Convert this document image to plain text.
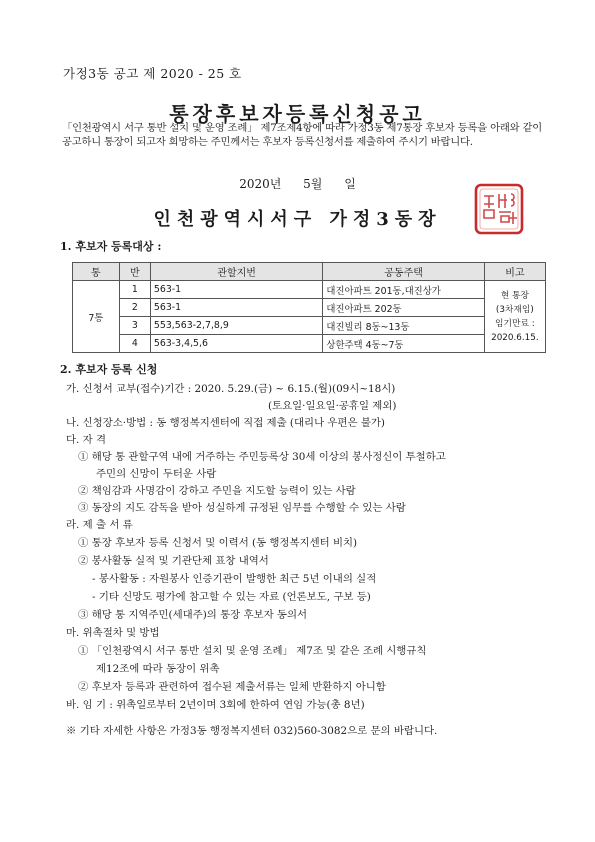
가정3동 공고 제 2020 - 25 호
통장후보자등록신청공고
「인천광역시 서구 통반 설치 및 운영 조례」 제7조제4항에 따라 가정3동 제7통장 후보자 등록을 아래와 같이 공고하니 통장이 되고자 희망하는 주민께서는 후보자 등록신청서를 제출하여 주시기 바랍니다.
2020년 5월 일
인천광역시서구 가정3동장
1. 후보자 등록대상 :
통	반	관할지번	공동주택	비고
7통	1	563-1	대진아파트 201동,대진상가	현 통장
(3차재임)
임기만료 :
2020.6.15.

	2	563-1	대진아파트 202동	
	3	553,563-2,7,8,9	대진빌리 8동~13동	
	4	563-3,4,5,6	상한주택 4동~7동	
2. 후보자 등록 신청
가. 신청서 교부(접수)기간 : 2020. 5.29.(금) ~ 6.15.(월)(09시~18시)
(토요일·일요일·공휴일 제외)
나. 신청장소·방법 : 동 행정복지센터에 직접 제출 (대리나 우편은 불가)
다. 자 격
① 해당 통 관할구역 내에 거주하는 주민등록상 30세 이상의 봉사정신이 투철하고
주민의 신망이 두터운 사람
② 책임감과 사명감이 강하고 주민을 지도할 능력이 있는 사람
③ 동장의 지도 감독을 받아 성실하게 규정된 임무를 수행할 수 있는 사람
라. 제 출 서 류
① 통장 후보자 등록 신청서 및 이력서 (동 행정복지센터 비치)
② 봉사활동 실적 및 기관단체 표창 내역서
- 봉사활동 : 자원봉사 인증기관이 발행한 최근 5년 이내의 실적
- 기타 신망도 평가에 참고할 수 있는 자료 (언론보도, 구보 등)
③ 해당 통 지역주민(세대주)의 통장 후보자 동의서
마. 위촉절차 및 방법
① 「인천광역시 서구 통반 설치 및 운영 조례」 제7조 및 같은 조례 시행규칙
제12조에 따라 동장이 위촉
② 후보자 등록과 관련하여 접수된 제출서류는 일체 반환하지 아니함
바. 임 기 : 위촉일로부터 2년이며 3회에 한하여 연임 가능(총 8년)
※ 기타 자세한 사항은 가정3동 행정복지센터 032)560-3082으로 문의 바랍니다.
